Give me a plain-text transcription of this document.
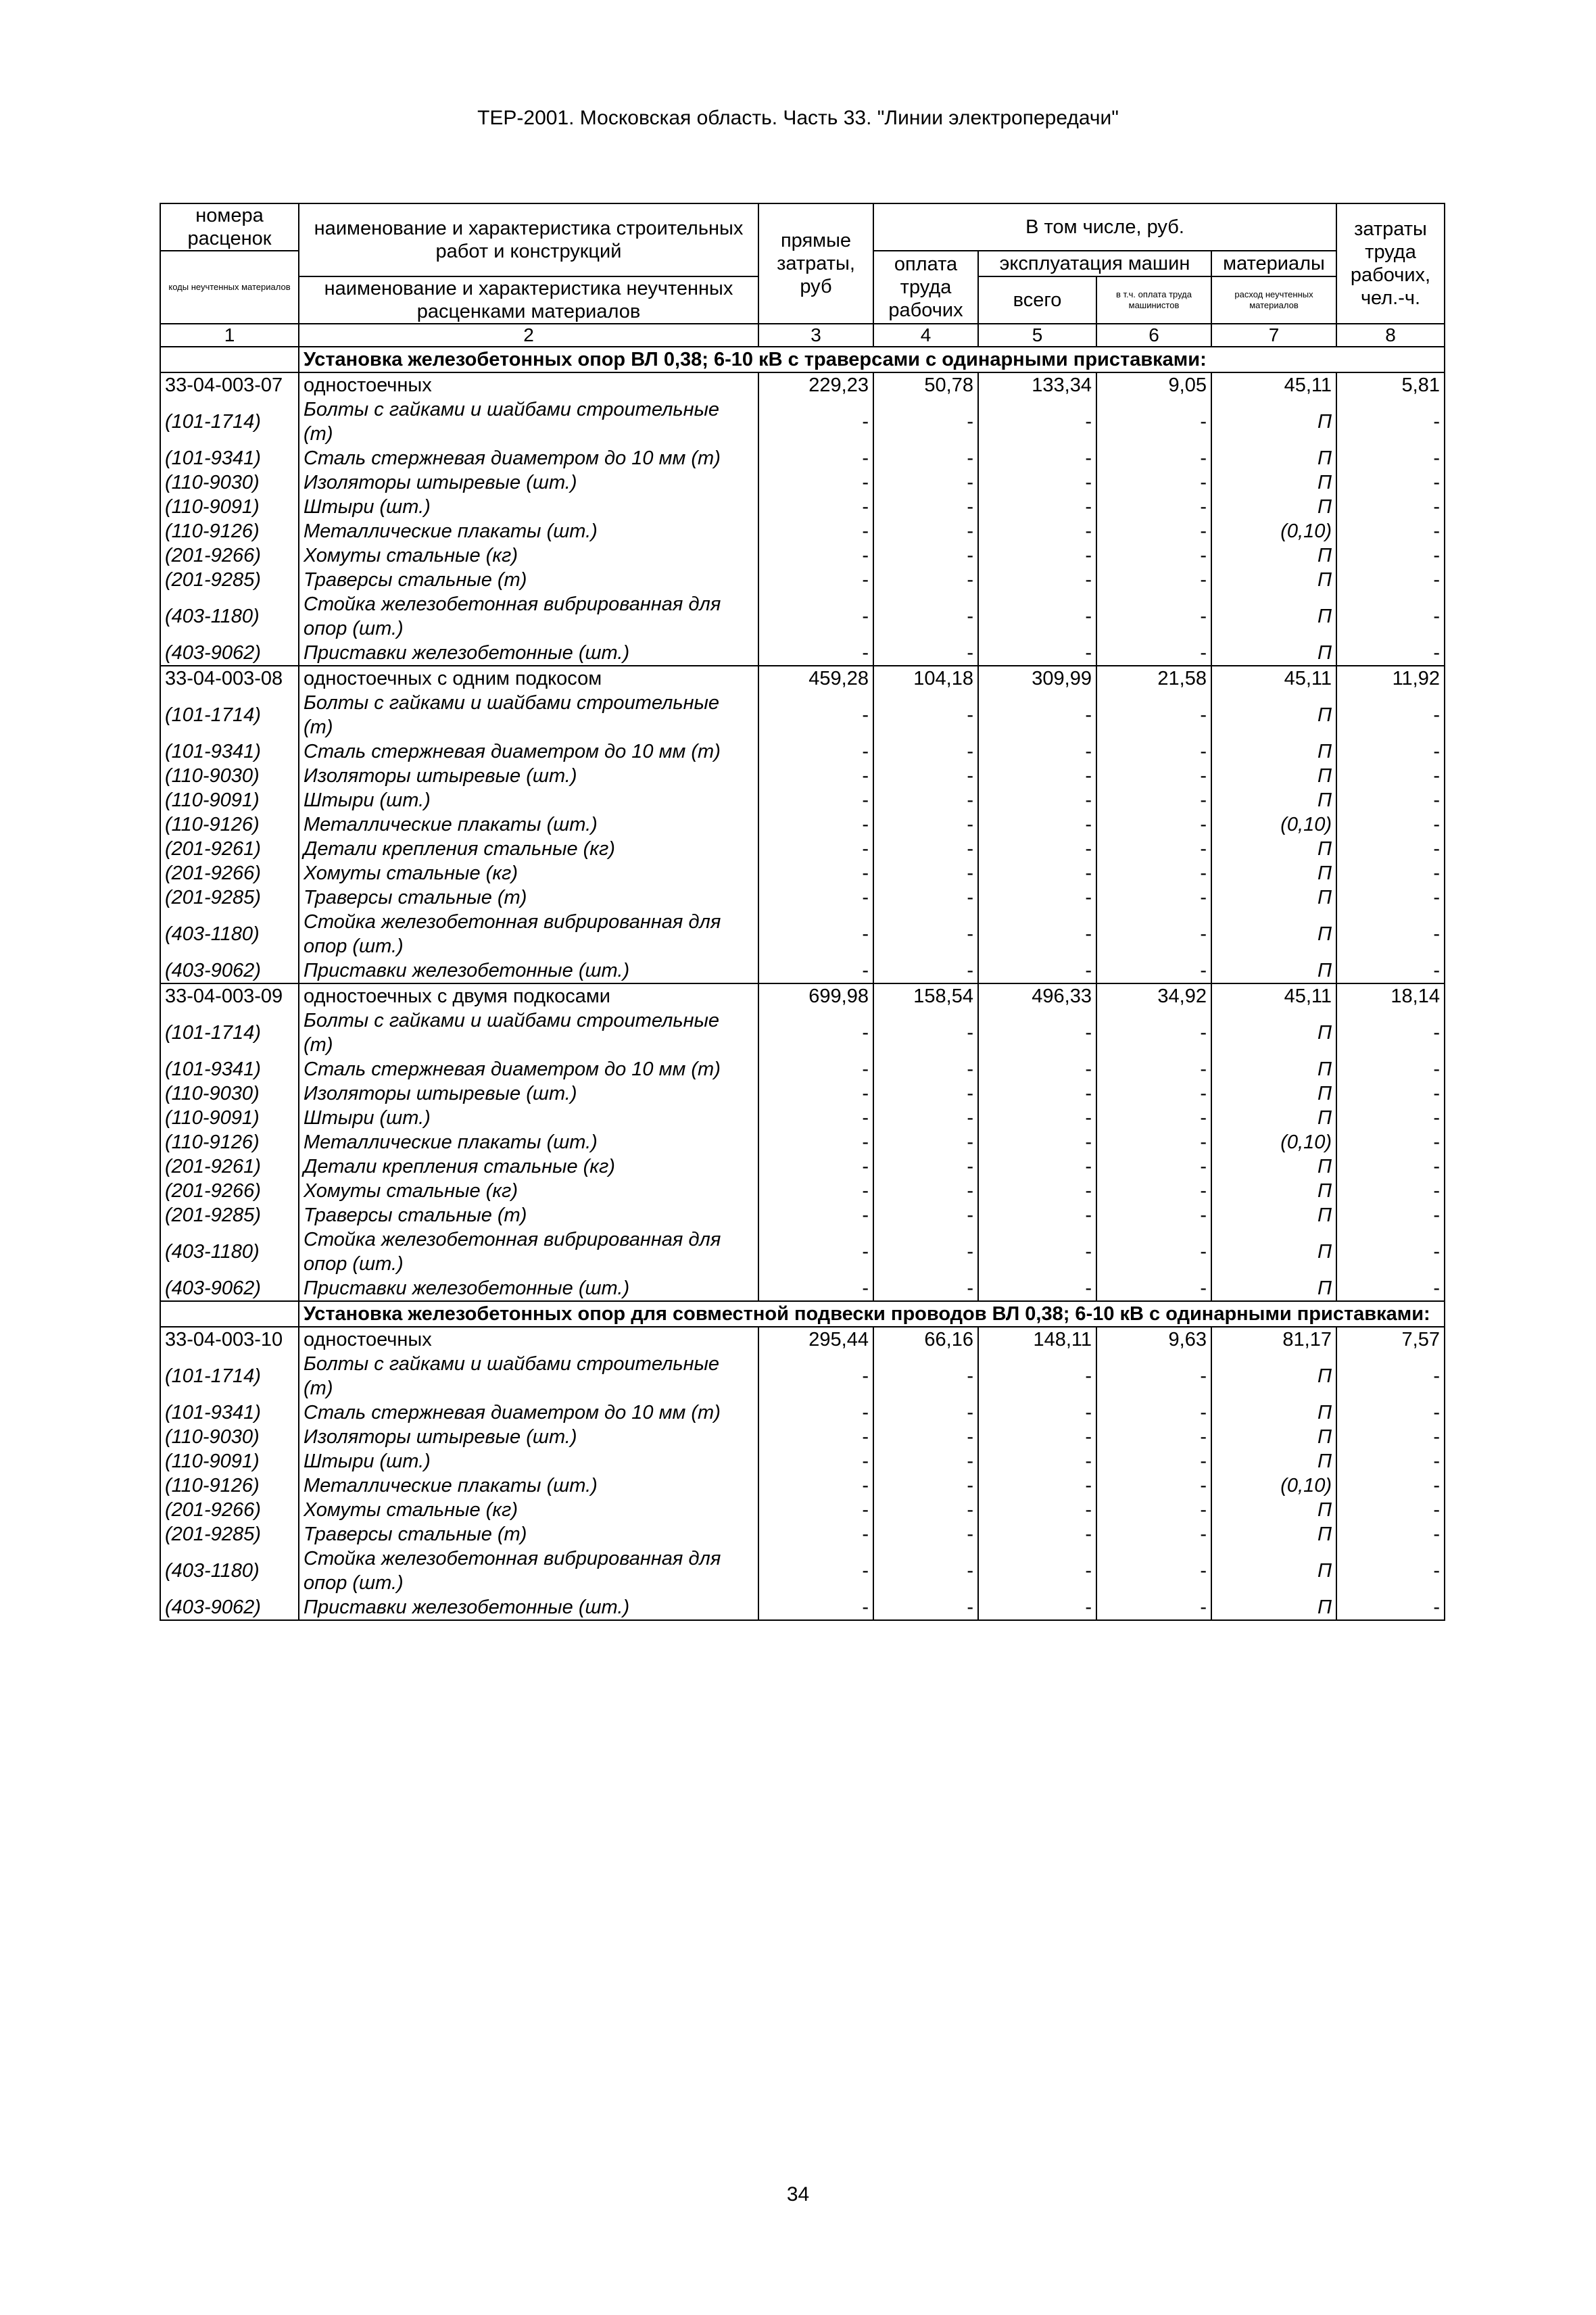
ТЕР-2001. Московская область. Часть 33. "Линии электропередачи"
номера расценок	наименование и характеристика строительных работ и конструкций	прямые затраты, руб	В том числе, руб.				затраты труда рабочих, чел.-ч.
коды неучтенных материалов			оплата труда рабочих	эксплуатация машин		материалы	
	наименование и характеристика неучтенных расценками материалов			всего	в т.ч. оплата труда машинистов	расход неучтенных материалов	
1	2	3	4	5	6	7	8
	Установка железобетонных опор ВЛ 0,38; 6-10 кВ с траверсами с одинарными приставками:						
33-04-003-07	одностоечных	229,23	50,78	133,34	9,05	45,11	5,81
(101-1714)	Болты с гайками и шайбами строительные (т)	-	-	-	-	П	-
(101-9341)	Сталь стержневая диаметром до 10 мм (т)	-	-	-	-	П	-
(110-9030)	Изоляторы штыревые (шт.)	-	-	-	-	П	-
(110-9091)	Штыри (шт.)	-	-	-	-	П	-
(110-9126)	Металлические плакаты (шт.)	-	-	-	-	(0,10)	-
(201-9266)	Хомуты стальные (кг)	-	-	-	-	П	-
(201-9285)	Траверсы стальные (т)	-	-	-	-	П	-
(403-1180)	Стойка железобетонная вибрированная для опор (шт.)	-	-	-	-	П	-
(403-9062)	Приставки железобетонные (шт.)	-	-	-	-	П	-
33-04-003-08	одностоечных с одним подкосом	459,28	104,18	309,99	21,58	45,11	11,92
(101-1714)	Болты с гайками и шайбами строительные (т)	-	-	-	-	П	-
(101-9341)	Сталь стержневая диаметром до 10 мм (т)	-	-	-	-	П	-
(110-9030)	Изоляторы штыревые (шт.)	-	-	-	-	П	-
(110-9091)	Штыри (шт.)	-	-	-	-	П	-
(110-9126)	Металлические плакаты (шт.)	-	-	-	-	(0,10)	-
(201-9261)	Детали крепления стальные (кг)	-	-	-	-	П	-
(201-9266)	Хомуты стальные (кг)	-	-	-	-	П	-
(201-9285)	Траверсы стальные (т)	-	-	-	-	П	-
(403-1180)	Стойка железобетонная вибрированная для опор (шт.)	-	-	-	-	П	-
(403-9062)	Приставки железобетонные (шт.)	-	-	-	-	П	-
33-04-003-09	одностоечных с двумя подкосами	699,98	158,54	496,33	34,92	45,11	18,14
(101-1714)	Болты с гайками и шайбами строительные (т)	-	-	-	-	П	-
(101-9341)	Сталь стержневая диаметром до 10 мм (т)	-	-	-	-	П	-
(110-9030)	Изоляторы штыревые (шт.)	-	-	-	-	П	-
(110-9091)	Штыри (шт.)	-	-	-	-	П	-
(110-9126)	Металлические плакаты (шт.)	-	-	-	-	(0,10)	-
(201-9261)	Детали крепления стальные (кг)	-	-	-	-	П	-
(201-9266)	Хомуты стальные (кг)	-	-	-	-	П	-
(201-9285)	Траверсы стальные (т)	-	-	-	-	П	-
(403-1180)	Стойка железобетонная вибрированная для опор (шт.)	-	-	-	-	П	-
(403-9062)	Приставки железобетонные (шт.)	-	-	-	-	П	-
	Установка железобетонных опор для совместной подвески проводов ВЛ 0,38; 6-10 кВ с одинарными приставками:						
33-04-003-10	одностоечных	295,44	66,16	148,11	9,63	81,17	7,57
(101-1714)	Болты с гайками и шайбами строительные (т)	-	-	-	-	П	-
(101-9341)	Сталь стержневая диаметром до 10 мм (т)	-	-	-	-	П	-
(110-9030)	Изоляторы штыревые (шт.)	-	-	-	-	П	-
(110-9091)	Штыри (шт.)	-	-	-	-	П	-
(110-9126)	Металлические плакаты (шт.)	-	-	-	-	(0,10)	-
(201-9266)	Хомуты стальные (кг)	-	-	-	-	П	-
(201-9285)	Траверсы стальные (т)	-	-	-	-	П	-
(403-1180)	Стойка железобетонная вибрированная для опор (шт.)	-	-	-	-	П	-
(403-9062)	Приставки железобетонные (шт.)	-	-	-	-	П	-
34
